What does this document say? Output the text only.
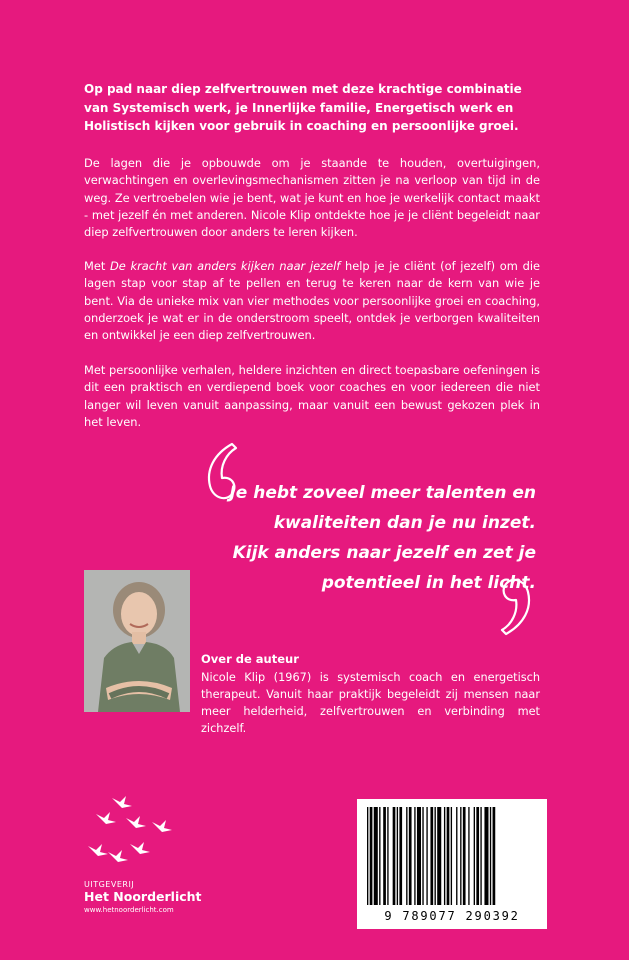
Op pad naar diep zelfvertrouwen met deze krachtige combinatie van Systemisch werk, je Innerlijke familie, Energetisch werk en Holistisch kijken voor gebruik in coaching en persoonlijke groei.
De lagen die je opbouwde om je staande te houden, overtuigingen, verwachtingen en overlevingsmechanismen zitten je na verloop van tijd in de weg. Ze vertroebelen wie je bent, wat je kunt en hoe je werkelijk contact maakt - met jezelf én met anderen. Nicole Klip ontdekte hoe je je cliënt begeleidt naar diep zelfvertrouwen door anders te leren kijken.
Met De kracht van anders kijken naar jezelf help je je cliënt (of jezelf) om die lagen stap voor stap af te pellen en terug te keren naar de kern van wie je bent. Via de unieke mix van vier methodes voor persoonlijke groei en coaching, onderzoek je wat er in de onderstroom speelt, ontdek je verborgen kwaliteiten en ontwikkel je een diep zelfvertrouwen.
Met persoonlijke verhalen, heldere inzichten en direct toepasbare oefeningen is dit een praktisch en verdiepend boek voor coaches en voor iedereen die niet langer wil leven vanuit aanpassing, maar vanuit een bewust gekozen plek in het leven.
Je hebt zoveel meer talenten en
kwaliteiten dan je nu inzet.
Kijk anders naar jezelf en zet je
potentieel in het licht.
Over de auteur
Nicole Klip (1967) is systemisch coach en energetisch therapeut. Vanuit haar praktijk begeleidt zij mensen naar meer helderheid, zelfvertrouwen en verbinding met zichzelf.
UITGEVERIJ
Het Noorderlicht
www.hetnoorderlicht.com	9 789077 290392
